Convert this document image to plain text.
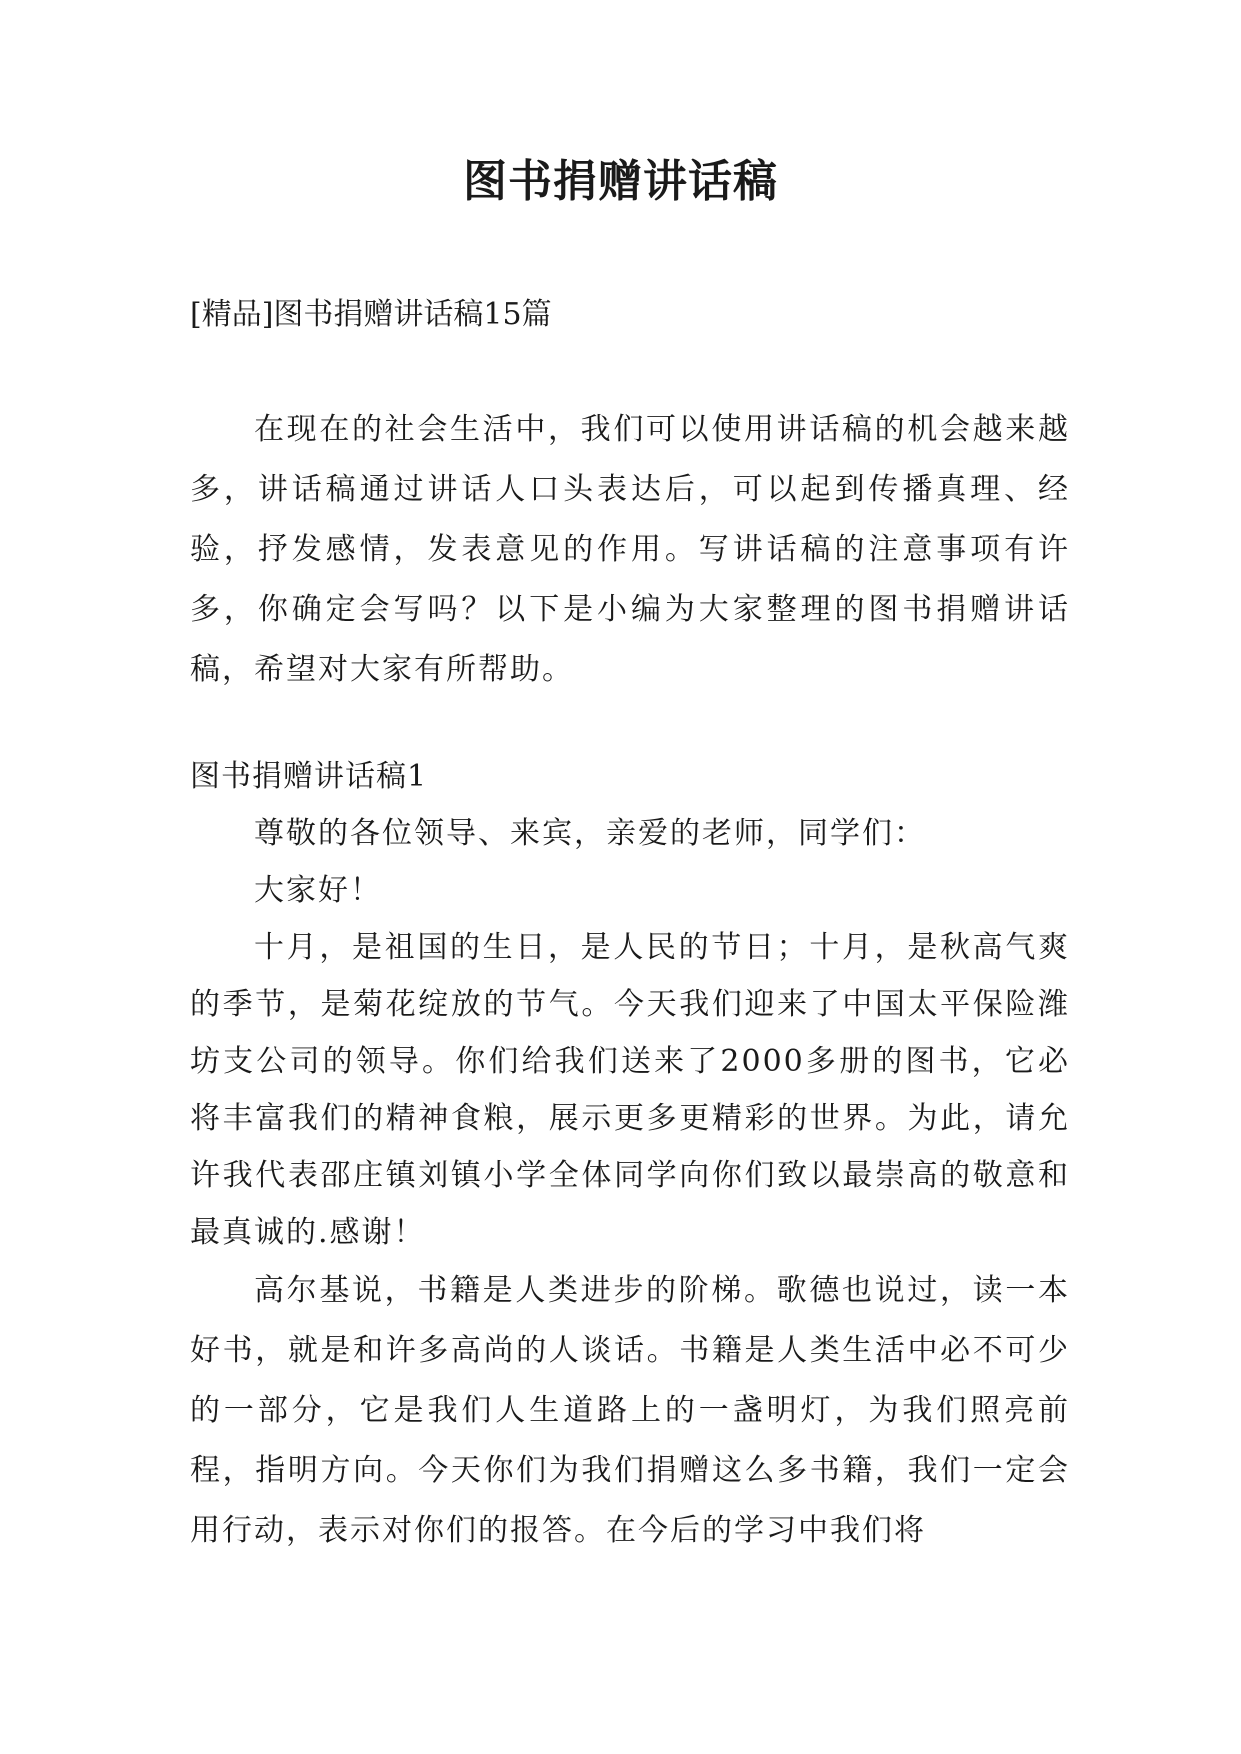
图书捐赠讲话稿
[精品]图书捐赠讲话稿15篇

在现在的社会生活中，我们可以使用讲话稿的机会越来越多，讲话稿通过讲话人口头表达后，可以起到传播真理、经验，抒发感情，发表意见的作用。写讲话稿的注意事项有许多，你确定会写吗？以下是小编为大家整理的图书捐赠讲话稿，希望对大家有所帮助。

图书捐赠讲话稿1

尊敬的各位领导、来宾，亲爱的老师，同学们：

大家好！

十月，是祖国的生日，是人民的节日；十月，是秋高气爽的季节，是菊花绽放的节气。今天我们迎来了中国太平保险潍坊支公司的领导。你们给我们送来了2000多册的图书，它必将丰富我们的精神食粮，展示更多更精彩的世界。为此，请允许我代表邵庄镇刘镇小学全体同学向你们致以最崇高的敬意和最真诚的.感谢！

高尔基说，书籍是人类进步的阶梯。歌德也说过，读一本好书，就是和许多高尚的人谈话。书籍是人类生活中必不可少的一部分，它是我们人生道路上的一盏明灯，为我们照亮前程，指明方向。今天你们为我们捐赠这么多书籍，我们一定会用行动，表示对你们的报答。在今后的学习中我们将
